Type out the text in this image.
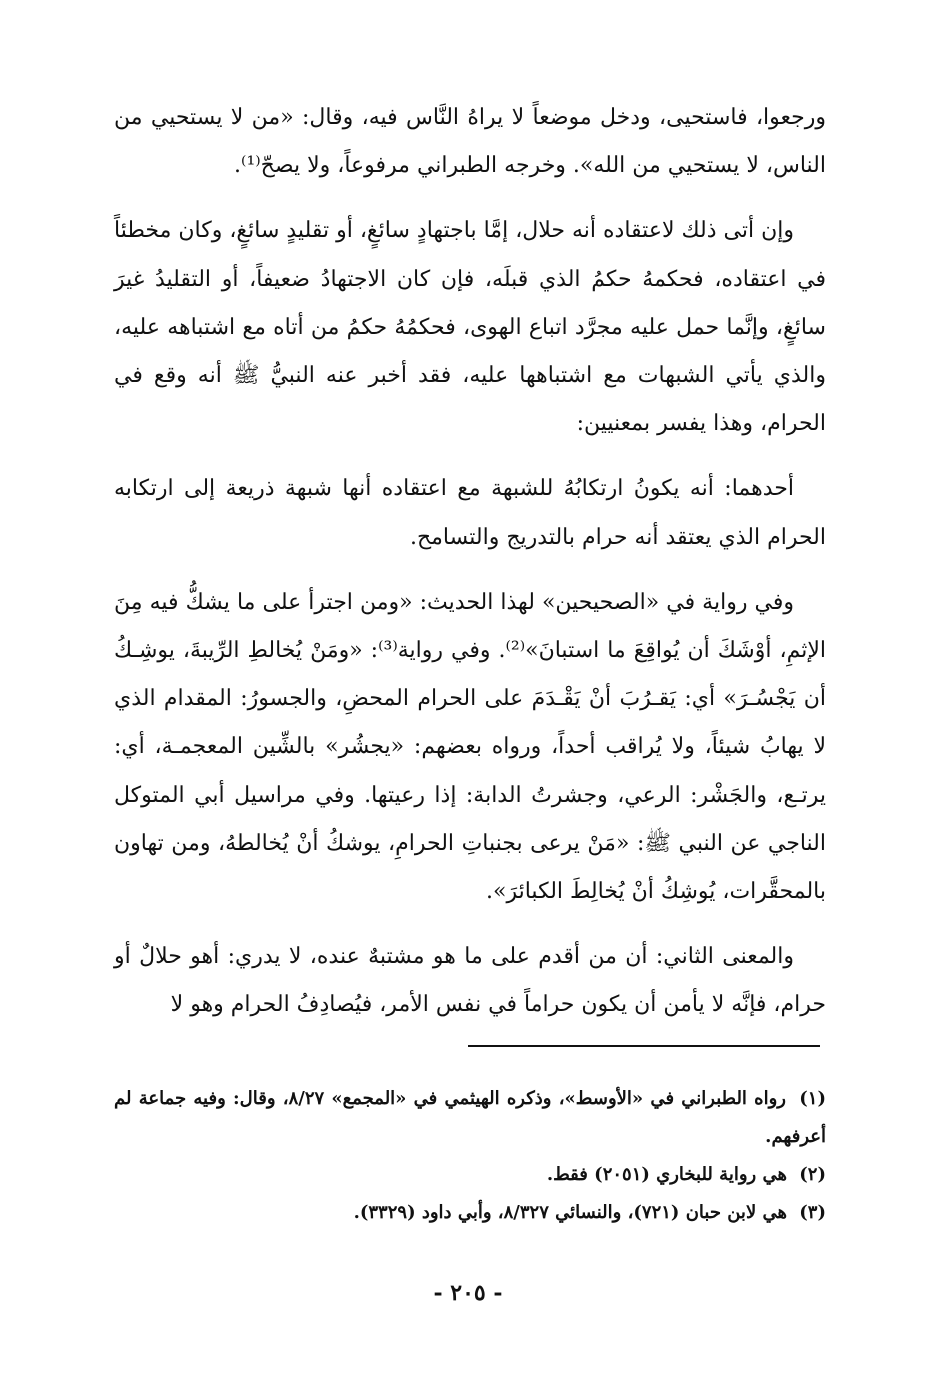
ورجعوا، فاستحيى، ودخل موضعاً لا يراهُ النَّاس فيه، وقال: «من لا يستحيي من الناس، لا يستحيي من الله». وخرجه الطبراني مرفوعاً، ولا يصحّ⁽¹⁾.

وإن أتى ذلك لاعتقاده أنه حلال، إمَّا باجتهادٍ سائغٍ، أو تقليدٍ سائغٍ، وكان مخطئاً في اعتقاده، فحكمهُ حكمُ الذي قبلَه، فإن كان الاجتهادُ ضعيفاً، أو التقليدُ غيرَ سائغٍ، وإنَّما حمل عليه مجرَّد اتباع الهوى، فحكمُهُ حكمُ من أتاه مع اشتباهه عليه، والذي يأتي الشبهات مع اشتباهها عليه، فقد أخبر عنه النبيُّ ﷺ أنه وقع في الحرام، وهذا يفسر بمعنيين:

أحدهما: أنه يكونُ ارتكابُهُ للشبهة مع اعتقاده أنها شبهة ذريعة إلى ارتكابه الحرام الذي يعتقد أنه حرام بالتدريج والتسامح.

وفي رواية في «الصحيحين» لهذا الحديث: «ومن اجترأ على ما يشكُّ فيه مِنَ الإثمِ، أوْشَكَ أن يُواقِعَ ما استبانَ»⁽²⁾. وفي رواية⁽³⁾: «ومَنْ يُخالطِ الرِّيبةَ، يوشِـكُ أن يَجْسُـرَ» أي: يَقـرُبَ أنْ يَقْـدَمَ على الحرام المحضِ، والجسورُ: المقدام الذي لا يهابُ شيئاً، ولا يُراقب أحداً، ورواه بعضهم: «يجشُر» بالشِّين المعجمـة، أي: يرتـع، والجَشْر: الرعي، وجشرتُ الدابة: إذا رعيتها. وفي مراسيل أبي المتوكل الناجي عن النبي ﷺ: «مَنْ يرعى بجنباتِ الحرامِ، يوشكُ أنْ يُخالطهُ، ومن تهاون بالمحقَّرات، يُوشِكُ أنْ يُخالِطَ الكبائرَ».

والمعنى الثاني: أن من أقدم على ما هو مشتبهٌ عنده، لا يدري: أهو حلالٌ أو حرام، فإنَّه لا يأمن أن يكون حراماً في نفس الأمر، فيُصادِفُ الحرام وهو لا

(١) رواه الطبراني في «الأوسط»، وذكره الهيثمي في «المجمع» ٨/٢٧، وقال: وفيه جماعة لم أعرفهم.

(٢) هي رواية للبخاري (٢٠٥١) فقط.

(٣) هي لابن حبان (٧٢١)، والنسائي ٨/٣٢٧، وأبي داود (٣٣٢٩).

- ٢٠٥ -
